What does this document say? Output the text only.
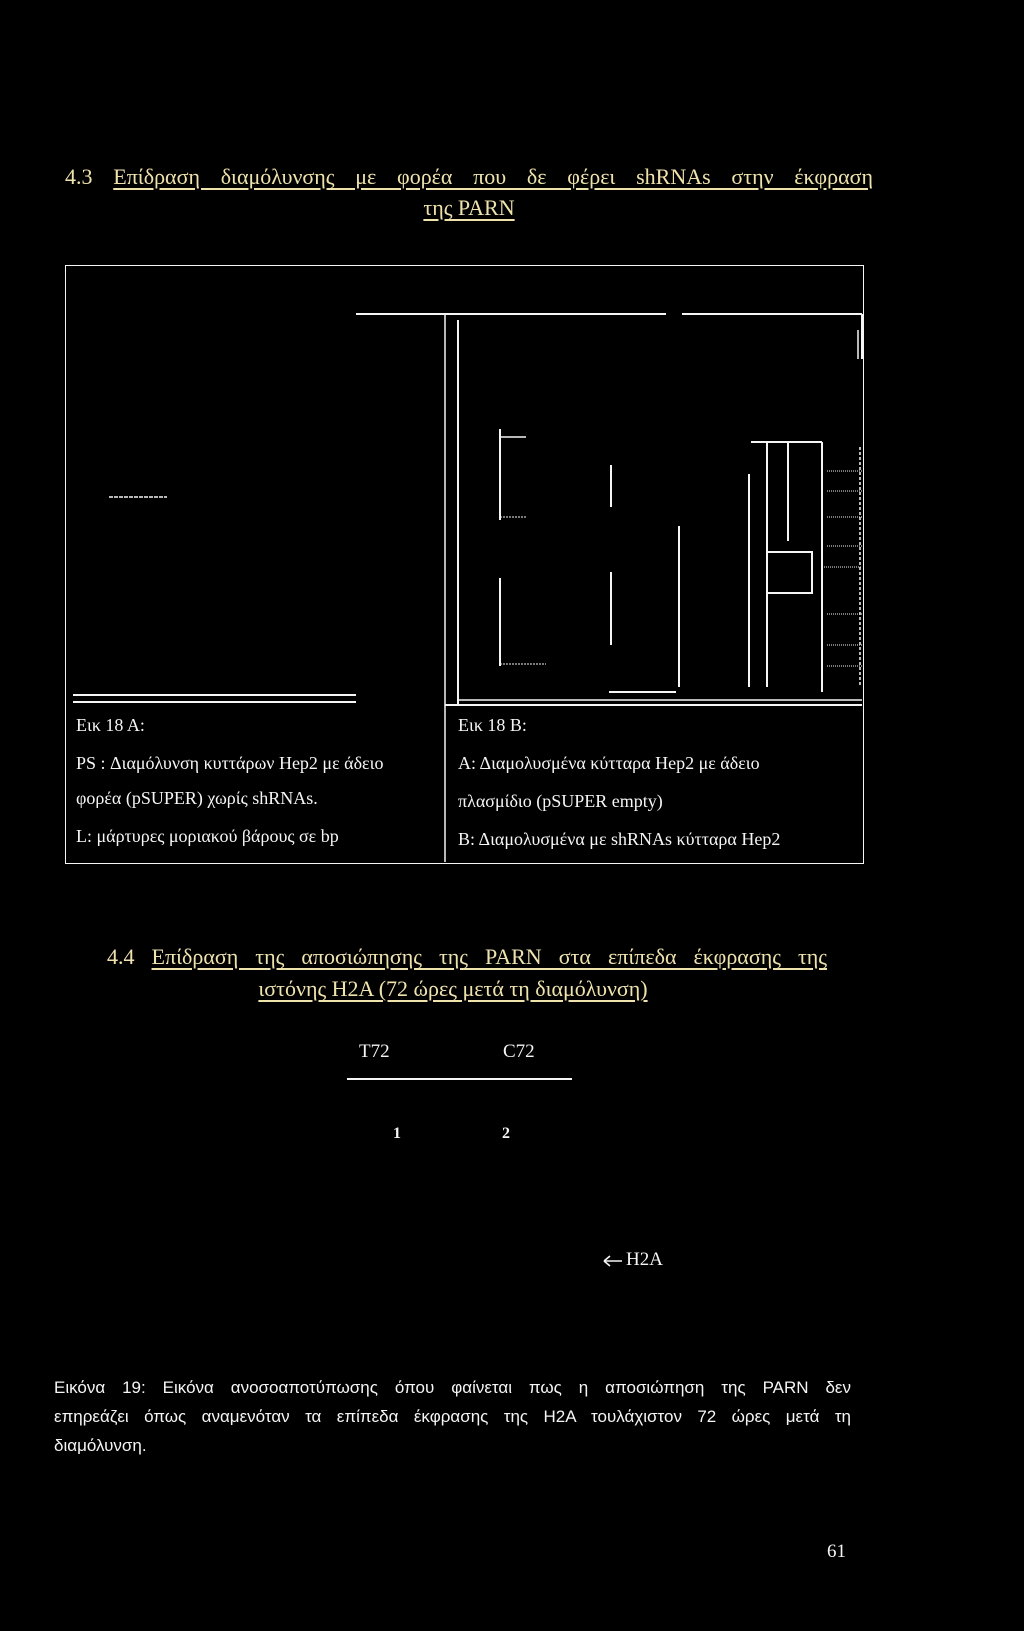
4.3 Επίδραση διαμόλυνσης με φορέα που δε φέρει shRNAs στην έκφραση
της PARN
Εικ 18 Α:
PS : Διαμόλυνση κυττάρων Hep2 με άδειο
φορέα (pSUPER) χωρίς shRNAs.
L: μάρτυρες μοριακού βάρους σε bp
Εικ 18 Β:
Α: Διαμολυσμένα κύτταρα Hep2 με άδειο
πλασμίδιο (pSUPER empty)
Β: Διαμολυσμένα με shRNAs κύτταρα Hep2
4.4 Επίδραση της αποσιώπησης της PARN στα επίπεδα έκφρασης της
ιστόνης H2A (72 ώρες μετά τη διαμόλυνση)
T72	C72
1	2
H2A
Εικόνα 19: Εικόνα ανοσοαποτύπωσης όπου φαίνεται πως η αποσιώπηση της PARN δεν
επηρεάζει όπως αναμενόταν τα επίπεδα έκφρασης της H2A τουλάχιστον 72 ώρες μετά τη
διαμόλυνση.
61
